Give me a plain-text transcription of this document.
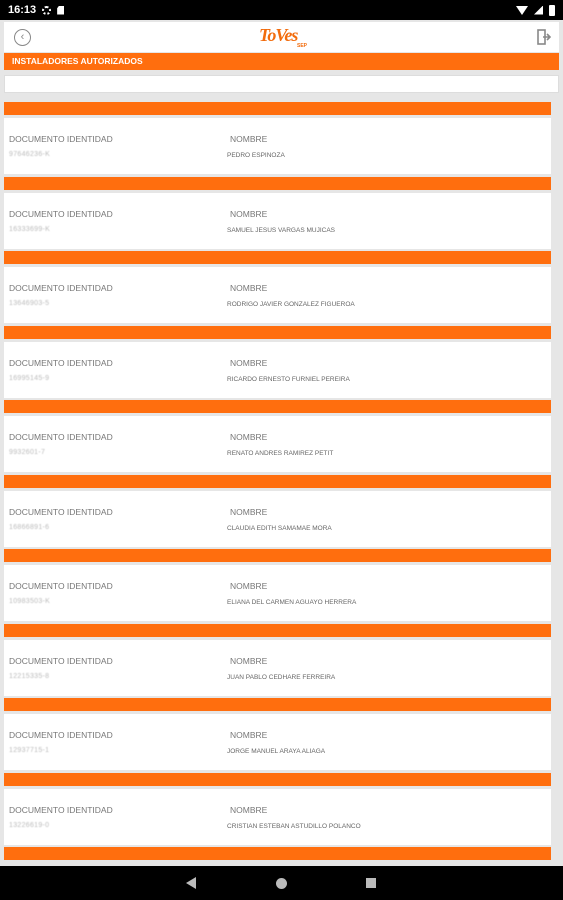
16:13
‹	ToVes
SEP
INSTALADORES AUTORIZADOS
DOCUMENTO IDENTIDAD
97646236-K
NOMBRE
PEDRO ESPINOZA
DOCUMENTO IDENTIDAD
16333699-K
NOMBRE
SAMUEL JESUS VARGAS MUJICAS
DOCUMENTO IDENTIDAD
13646903-5
NOMBRE
RODRIGO JAVIER GONZALEZ FIGUEROA
DOCUMENTO IDENTIDAD
16995145-9
NOMBRE
RICARDO ERNESTO FURNIEL PEREIRA
DOCUMENTO IDENTIDAD
9932601-7
NOMBRE
RENATO ANDRES RAMIREZ PETIT
DOCUMENTO IDENTIDAD
16866891-6
NOMBRE
CLAUDIA EDITH SAMAMAE MORA
DOCUMENTO IDENTIDAD
10983503-K
NOMBRE
ELIANA DEL CARMEN AGUAYO HERRERA
DOCUMENTO IDENTIDAD
12215335-8
NOMBRE
JUAN PABLO CEDHARE FERREIRA
DOCUMENTO IDENTIDAD
12937715-1
NOMBRE
JORGE MANUEL ARAYA ALIAGA
DOCUMENTO IDENTIDAD
13226619-0
NOMBRE
CRISTIAN ESTEBAN ASTUDILLO POLANCO
